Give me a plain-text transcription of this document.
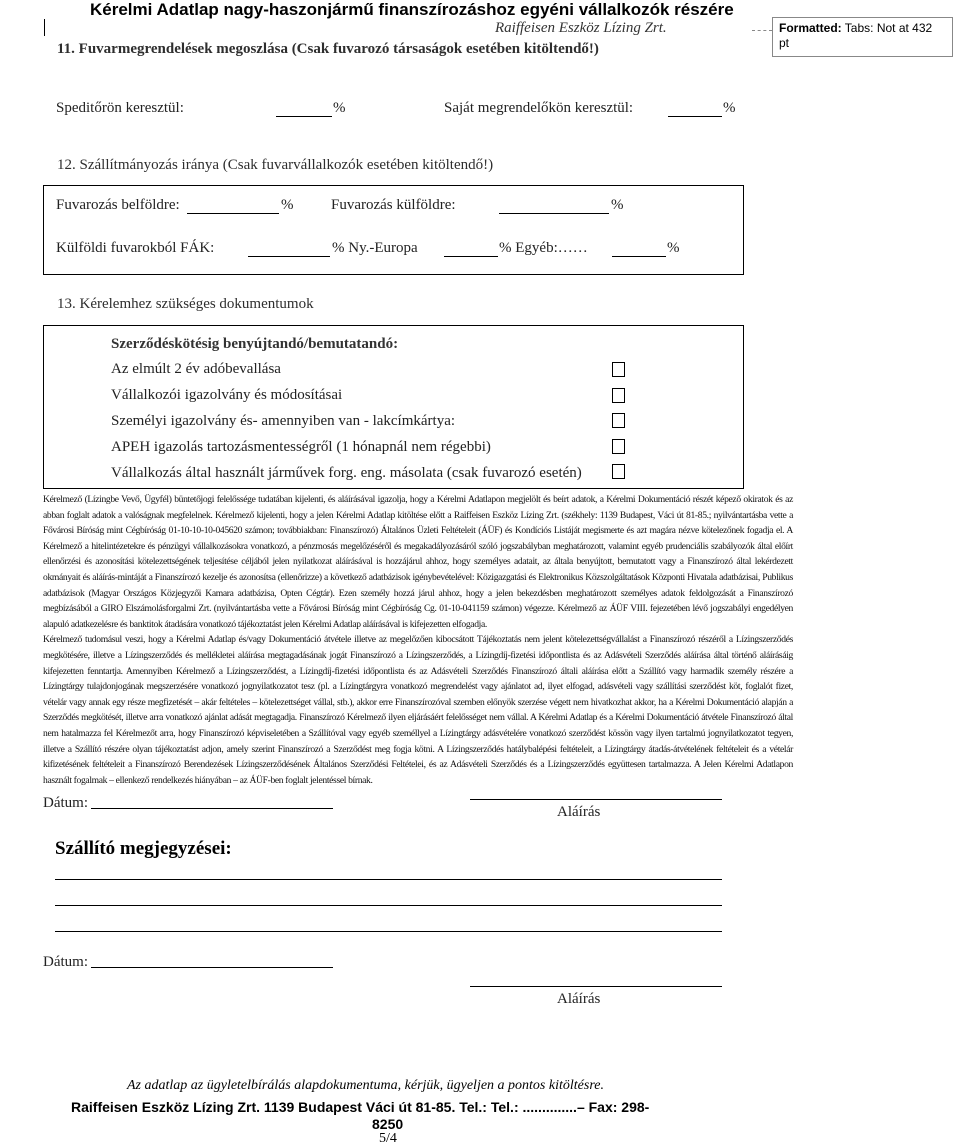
Kérelmi Adatlap nagy-haszonjármű finanszírozáshoz egyéni vállalkozók részére
Raiffeisen Eszköz Lízing Zrt.	Formatted: Tabs: Not at 432
pt
11. Fuvarmegrendelések megoszlása (Csak fuvarozó társaságok esetében kitöltendő!)
Speditőrön keresztül:	%	Saját megrendelőkön keresztül:	%
12. Szállítmányozás iránya (Csak fuvarvállalkozók esetében kitöltendő!)
Fuvarozás belföldre:	%	Fuvarozás külföldre:	%
Külföldi fuvarokból FÁK:	% Ny.-Europa	% Egyéb:……	%
13. Kérelemhez szükséges dokumentumok
Szerződéskötésig benyújtandó/bemutatandó:
Az elmúlt 2 év adóbevallása
Vállalkozói igazolvány és módosításai
Személyi igazolvány és- amennyiben van - lakcímkártya:
APEH igazolás tartozásmentességről (1 hónapnál nem régebbi)
Vállalkozás által használt járművek forg. eng. másolata (csak fuvarozó esetén)

Kérelmező (Lízingbe Vevő, Ügyfél) büntetőjogi felelőssége tudatában kijelenti, és aláírásával igazolja, hogy a Kérelmi Adatlapon megjelölt és beírt adatok, a Kérelmi Dokumentáció részét képező okiratok és az abban foglalt adatok a valóságnak megfelelnek. Kérelmező kijelenti, hogy a jelen Kérelmi Adatlap kitöltése előtt a Raiffeisen Eszköz Lízing Zrt. (székhely: 1139 Budapest, Váci út 81-85.; nyilvántartásba vette a Fővárosi Bíróság mint Cégbíróság 01-10-10-10-045620 számon; továbbiakban: Finanszírozó) Általános Üzleti Feltételeit (ÁÜF) és Kondíciós Listáját megismerte és azt magára nézve kötelezőnek fogadja el. A Kérelmező a hitelintézetekre és pénzügyi vállalkozásokra vonatkozó, a pénzmosás megelőzéséről és megakadályozásáról szóló jogszabályban meghatározott, valamint egyéb prudenciális szabályozók által előírt ellenőrzési és azonosítási kötelezettségének teljesítése céljából jelen nyilatkozat aláírásával is hozzájárul ahhoz, hogy személyes adatait, az általa benyújtott, bemutatott vagy a Finanszírozó által lekérdezett okmányait és aláírás-mintáját a Finanszírozó kezelje és azonosítsa (ellenőrizze) a következő adatbázisok igénybevételével: Közigazgatási és Elektronikus Közszolgáltatások Központi Hivatala adatbázisai, Publikus adatbázisok (Magyar Országos Közjegyzői Kamara adatbázisa, Opten Cégtár). Ezen személy hozzá járul ahhoz, hogy a jelen bekezdésben meghatározott személyes adatok feldolgozását a Finanszírozó megbízásából a GIRO Elszámolásforgalmi Zrt. (nyilvántartásba vette a Fővárosi Bíróság mint Cégbíróság Cg. 01-10-041159 számon) végezze. Kérelmező az ÁÜF VIII. fejezetében lévő jogszabályi engedélyen alapuló adatkezelésre és banktitok átadására vonatkozó tájékoztatást jelen Kérelmi Adatlap aláírásával is kifejezetten elfogadja.

Kérelmező tudomásul veszi, hogy a Kérelmi Adatlap és/vagy Dokumentáció átvétele illetve az megelőzően kibocsátott Tájékoztatás nem jelent kötelezettségvállalást a Finanszírozó részéről a Lízingszerződés megkötésére, illetve a Lízingszerződés és mellékletei aláírása megtagadásának jogát Finanszírozó a Lízingszerződés, a Lízingdíj-fizetési időpontlista és az Adásvételi Szerződés aláírása által történő aláírásáig kifejezetten fenntartja. Amennyiben Kérelmező a Lízingszerződést, a Lízingdíj-fizetési időpontlista és az Adásvételi Szerződés Finanszírozó általi aláírása előtt a Szállító vagy harmadik személy részére a Lízingtárgy tulajdonjogának megszerzésére vonatkozó jognyilatkozatot tesz (pl. a Lízingtárgyra vonatkozó megrendelést vagy ajánlatot ad, ilyet elfogad, adásvételi vagy szállítási szerződést köt, foglalót fizet, vételár vagy annak egy része megfizetését – akár feltételes – kötelezettséget vállal, stb.), akkor erre Finanszírozóval szemben előnyök szerzése végett nem hivatkozhat akkor, ha a Kérelmi Dokumentáció alapján a Szerződés megkötését, illetve arra vonatkozó ajánlat adását megtagadja. Finanszírozó Kérelmező ilyen eljárásáért felelősséget nem vállal. A Kérelmi Adatlap és a Kérelmi Dokumentáció átvétele Finanszírozó által nem hatalmazza fel Kérelmezőt arra, hogy Finanszírozó képviseletében a Szállítóval vagy egyéb személlyel a Lízingtárgy adásvételére vonatkozó szerződést kössön vagy ilyen tartalmú jognyilatkozatot tegyen, illetve a Szállító részére olyan tájékoztatást adjon, amely szerint Finanszírozó a Szerződést meg fogja kötni. A Lízingszerződés hatálybalépési feltételeit, a Lízingtárgy átadás-átvételének feltételeit és a vételár kifizetésének feltételeit a Finanszírozó Berendezések Lízingszerződésének Általános Szerződési Feltételei, és az Adásvételi Szerződés és a Lízingszerződés együttesen tartalmazza. A Jelen Kérelmi Adatlapon használt fogalmak – ellenkező rendelkezés hiányában – az ÁÜF-ben foglalt jelentéssel bírnak.

Dátum:
Aláírás
Szállító megjegyzései:
Dátum:
Aláírás
Az adatlap az ügyletelbírálás alapdokumentuma, kérjük, ügyeljen a pontos kitöltésre.
Raiffeisen Eszköz Lízing Zrt. 1139 Budapest Váci út 81-85. Tel.: Tel.: ..............– Fax: 298-
8250
5/4
